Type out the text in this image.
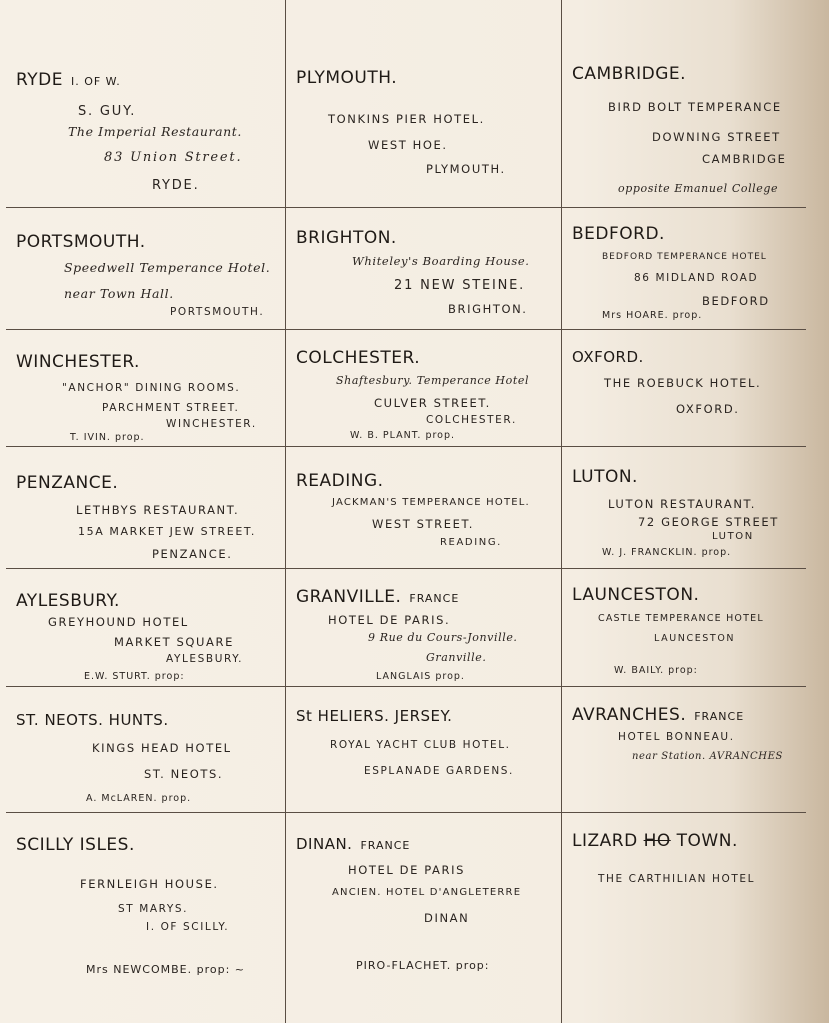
RYDE I. OF W.
S. GUY.
The Imperial Restaurant.
83 Union Street.
RYDE.
PLYMOUTH.
TONKINS PIER HOTEL.
WEST HOE.
PLYMOUTH.
CAMBRIDGE.
BIRD BOLT TEMPERANCE
DOWNING STREET
CAMBRIDGE
opposite Emanuel College
PORTSMOUTH.
Speedwell Temperance Hotel.
near Town Hall.
PORTSMOUTH.
BRIGHTON.
Whiteley's Boarding House.
21 NEW STEINE.
BRIGHTON.
BEDFORD.
BEDFORD TEMPERANCE HOTEL
86 MIDLAND ROAD
BEDFORD
Mrs HOARE. prop.
WINCHESTER.
"ANCHOR" DINING ROOMS.
PARCHMENT STREET.
WINCHESTER.
T. IVIN. prop.
COLCHESTER.
Shaftesbury. Temperance Hotel
CULVER STREET.
COLCHESTER.
W. B. PLANT. prop.
OXFORD.
THE ROEBUCK HOTEL.
OXFORD.
PENZANCE.
LETHBYS RESTAURANT.
15A MARKET JEW STREET.
PENZANCE.
READING.
JACKMAN'S TEMPERANCE HOTEL.
WEST STREET.
READING.
LUTON.
LUTON RESTAURANT.
72 GEORGE STREET
LUTON
W. J. FRANCKLIN. prop.
AYLESBURY.
GREYHOUND HOTEL
MARKET SQUARE
AYLESBURY.
E.W. STURT. prop:
GRANVILLE. FRANCE
HOTEL DE PARIS.
9 Rue du Cours-Jonville.
Granville.
LANGLAIS prop.
LAUNCESTON.
CASTLE TEMPERANCE HOTEL
LAUNCESTON
W. BAILY. prop:
ST. NEOTS. HUNTS.
KINGS HEAD HOTEL
ST. NEOTS.
A. McLAREN. prop.
St HELIERS. JERSEY.
ROYAL YACHT CLUB HOTEL.
ESPLANADE GARDENS.
AVRANCHES. FRANCE
HOTEL BONNEAU.
near Station. AVRANCHES
SCILLY ISLES.
FERNLEIGH HOUSE.
ST MARYS.
I. OF SCILLY.
Mrs NEWCOMBE. prop: ~
DINAN. FRANCE
HOTEL DE PARIS
ANCIEN. HOTEL D'ANGLETERRE
DINAN
PIRO-FLACHET. prop:
LIZARD HO TOWN.
THE CARTHILIAN HOTEL
